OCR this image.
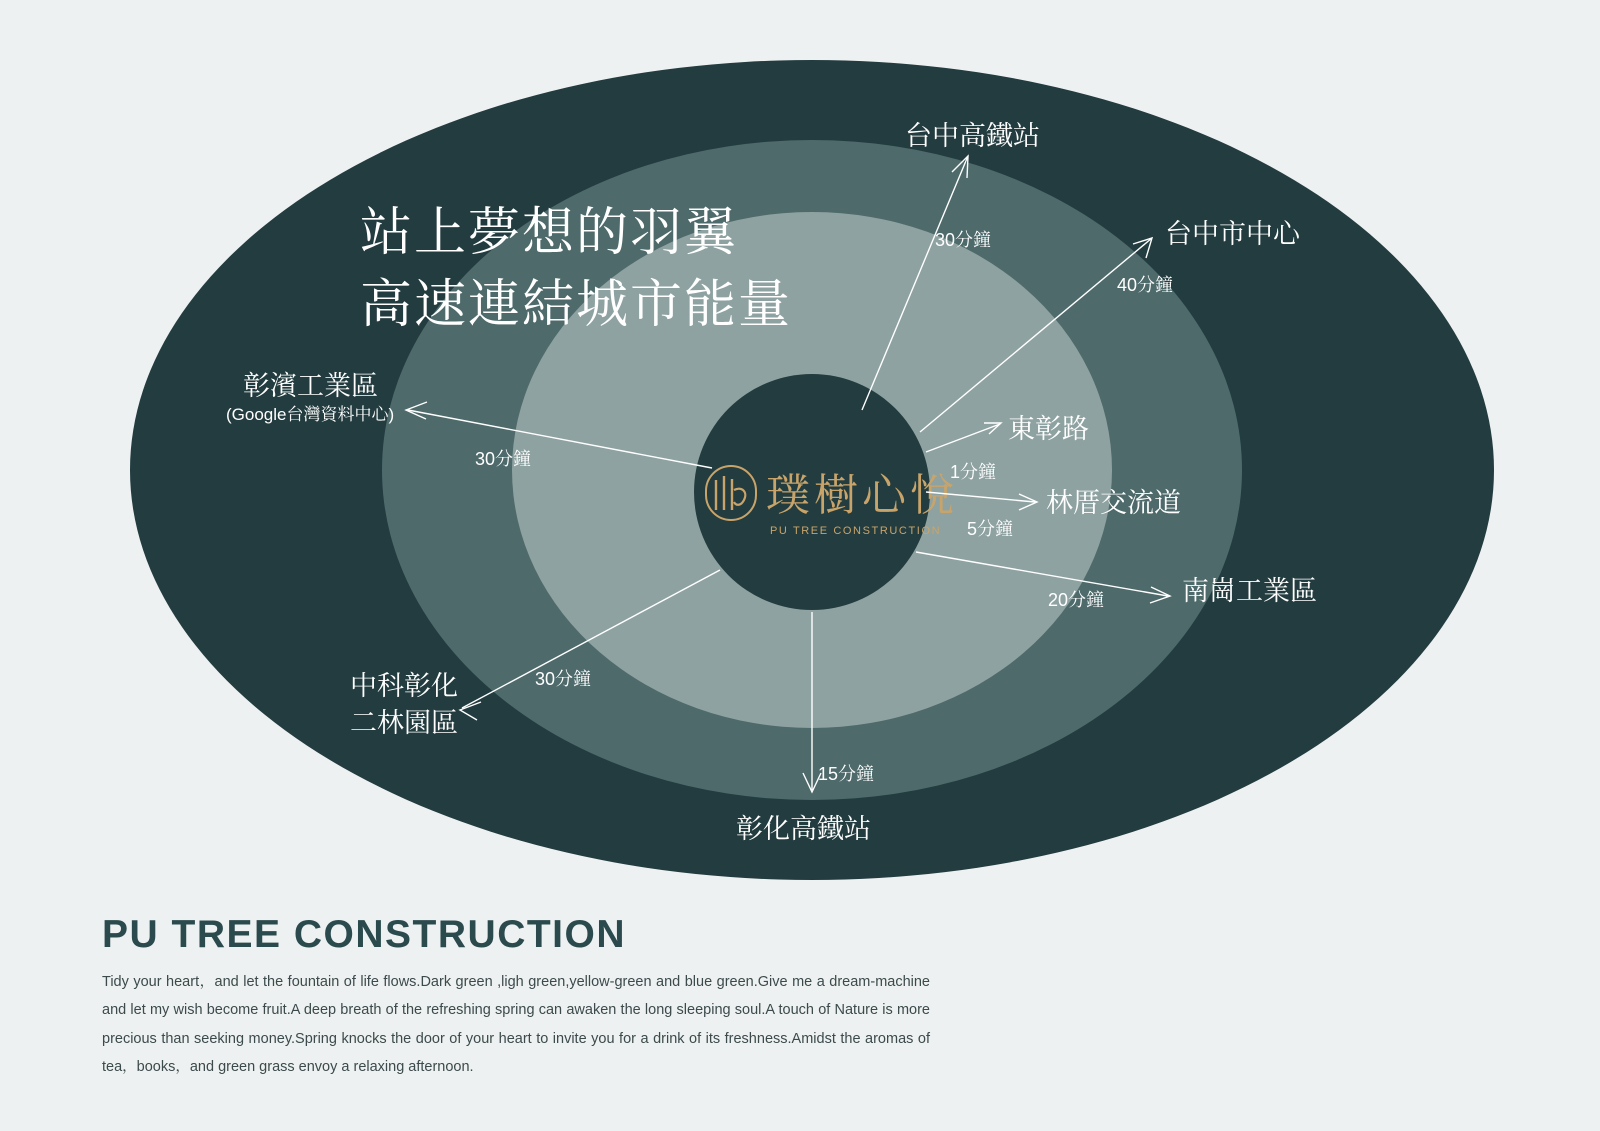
璞樹心悅
PU TREE CONSTRUCTION
站上夢想的羽翼
高速連結城市能量
30分鐘
台中高鐵站
40分鐘
台中市中心
1分鐘
東彰路
5分鐘
林厝交流道
20分鐘	南崗工業區
15分鐘
彰化高鐵站
30分鐘
中科彰化
二林園區
30分鐘
彰濱工業區
(Google台灣資料中心)
PU TREE CONSTRUCTION

Tidy your heart，and let the fountain of life flows.Dark green ,ligh green,yellow-green and blue green.Give me a dream-machine and let my wish become fruit.A deep breath of the refreshing spring can awaken the long sleeping soul.A touch of Nature is more precious than seeking money.Spring knocks the door of your heart to invite you for a drink of its freshness.Amidst the aromas of tea，books，and green grass envoy a relaxing afternoon.
